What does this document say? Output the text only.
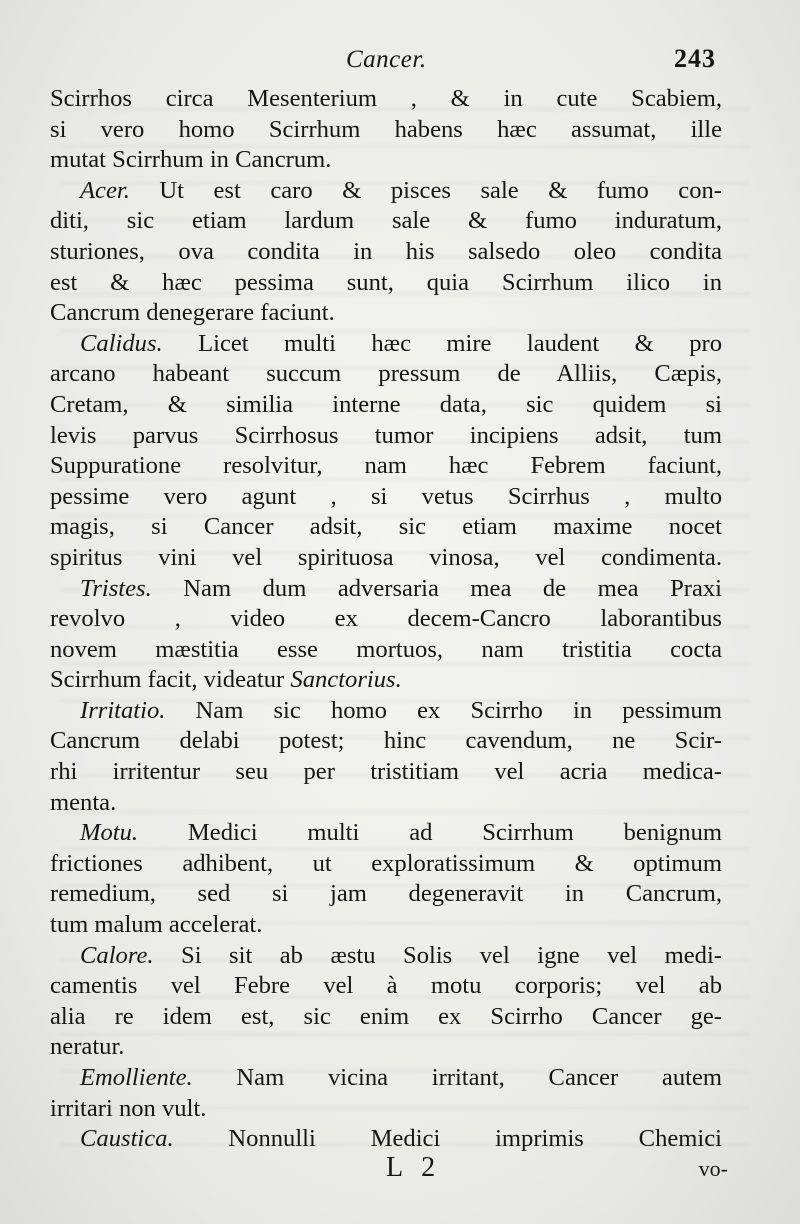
Cancer.	243
Scirrhos circa Mesenterium , & in cute Scabiem,
si vero homo Scirrhum habens hæc assumat, ille
mutat Scirrhum in Cancrum.
Acer. Ut est caro & pisces sale & fumo con-
diti, sic etiam lardum sale & fumo induratum,
sturiones, ova condita in his salsedo oleo condita
est & hæc pessima sunt, quia Scirrhum ilico in
Cancrum denegerare faciunt.
Calidus. Licet multi hæc mire laudent & pro
arcano habeant succum pressum de Alliis, Cæpis,
Cretam, & similia interne data, sic quidem si
levis parvus Scirrhosus tumor incipiens adsit, tum
Suppuratione resolvitur, nam hæc Febrem faciunt,
pessime vero agunt , si vetus Scirrhus , multo
magis, si Cancer adsit, sic etiam maxime nocet
spiritus vini vel spirituosa vinosa, vel condimenta.
Tristes. Nam dum adversaria mea de mea Praxi
revolvo , video ex decem-Cancro laborantibus
novem mæstitia esse mortuos, nam tristitia cocta
Scirrhum facit, videatur Sanctorius.
Irritatio. Nam sic homo ex Scirrho in pessimum
Cancrum delabi potest; hinc cavendum, ne Scir-
rhi irritentur seu per tristitiam vel acria medica-
menta.
Motu. Medici multi ad Scirrhum benignum
frictiones adhibent, ut exploratissimum & optimum
remedium, sed si jam degeneravit in Cancrum,
tum malum accelerat.
Calore. Si sit ab æstu Solis vel igne vel medi-
camentis vel Febre vel à motu corporis; vel ab
alia re idem est, sic enim ex Scirrho Cancer ge-
neratur.
Emolliente. Nam vicina irritant, Cancer autem
irritari non vult.
Caustica. Nonnulli Medici imprimis Chemici
L 2	vo-
